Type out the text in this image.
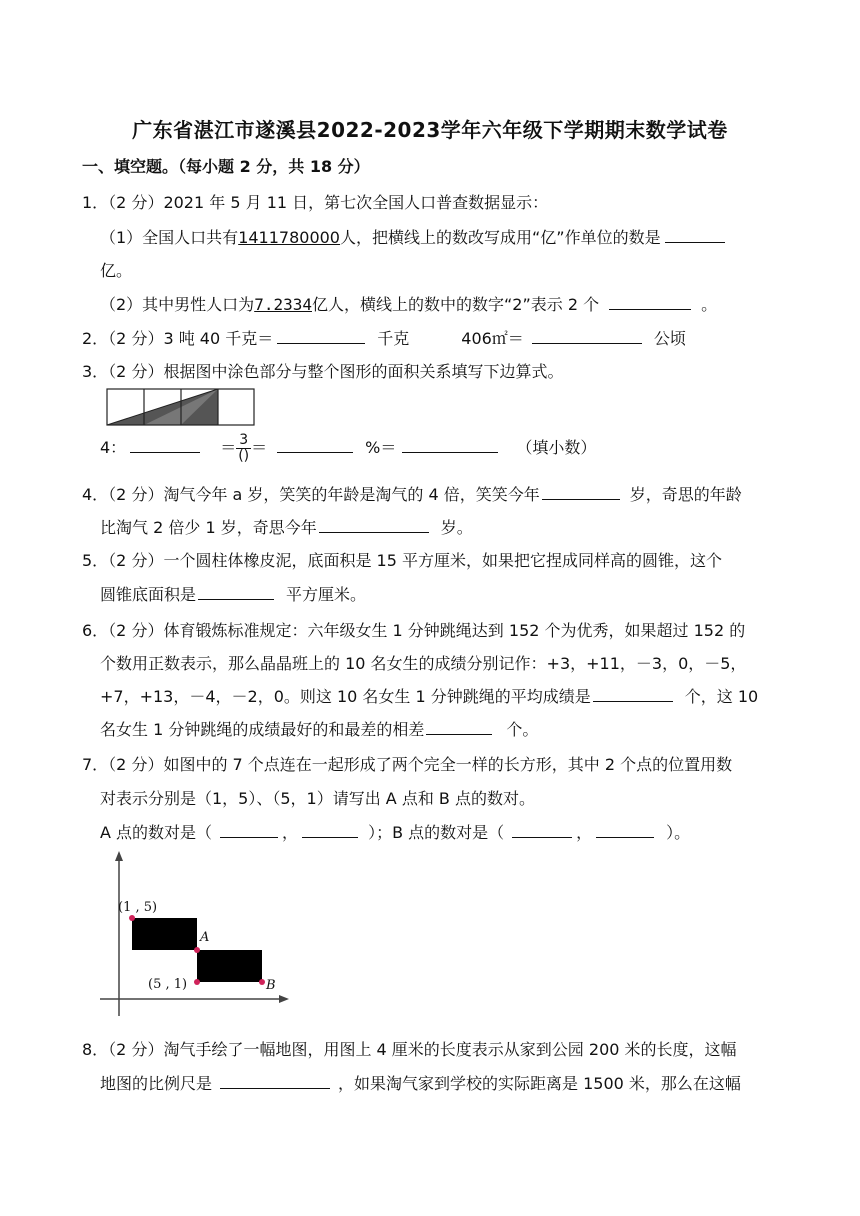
广东省湛江市遂溪县2022-2023学年六年级下学期期末数学试卷
一、填空题。（每小题 2 分，共 18 分）
1．（2 分）2021 年 5 月 11 日，第七次全国人口普查数据显示：
（1）全国人口共有1411780000人，把横线上的数改写成用“亿”作单位的数是
亿。
（2）其中男性人口为7.2334亿人，横线上的数中的数字“2”表示 2 个	。
2．（2 分）3 吨 40 千克＝	千克	406㎡＝	公顷
3．（2 分）根据图中涂色部分与整个图形的面积关系填写下边算式。
4：	＝ $\frac{3}{()}$ ＝	%＝	（填小数）
4．（2 分）淘气今年 a 岁，笑笑的年龄是淘气的 4 倍，笑笑今年	岁，奇思的年龄
比淘气 2 倍少 1 岁，奇思今年	岁。
5．（2 分）一个圆柱体橡皮泥，底面积是 15 平方厘米，如果把它捏成同样高的圆锥，这个
圆锥底面积是	平方厘米。
6．（2 分）体育锻炼标准规定：六年级女生 1 分钟跳绳达到 152 个为优秀，如果超过 152 的
个数用正数表示，那么晶晶班上的 10 名女生的成绩分别记作：+3，+11，－3，0，－5，
+7，+13，－4，－2，0。则这 10 名女生 1 分钟跳绳的平均成绩是	个，这 10
名女生 1 分钟跳绳的成绩最好的和最差的相差	个。
7．（2 分）如图中的 7 个点连在一起形成了两个完全一样的长方形，其中 2 个点的位置用数
对表示分别是（1，5）、（5，1）请写出 A 点和 B 点的数对。
A 点的数对是（	，	）；B 点的数对是（	，	）。
(1 , 5)
A
(5 , 1)	B
8．（2 分）淘气手绘了一幅地图，用图上 4 厘米的长度表示从家到公园 200 米的长度，这幅
地图的比例尺是	，如果淘气家到学校的实际距离是 1500 米，那么在这幅
